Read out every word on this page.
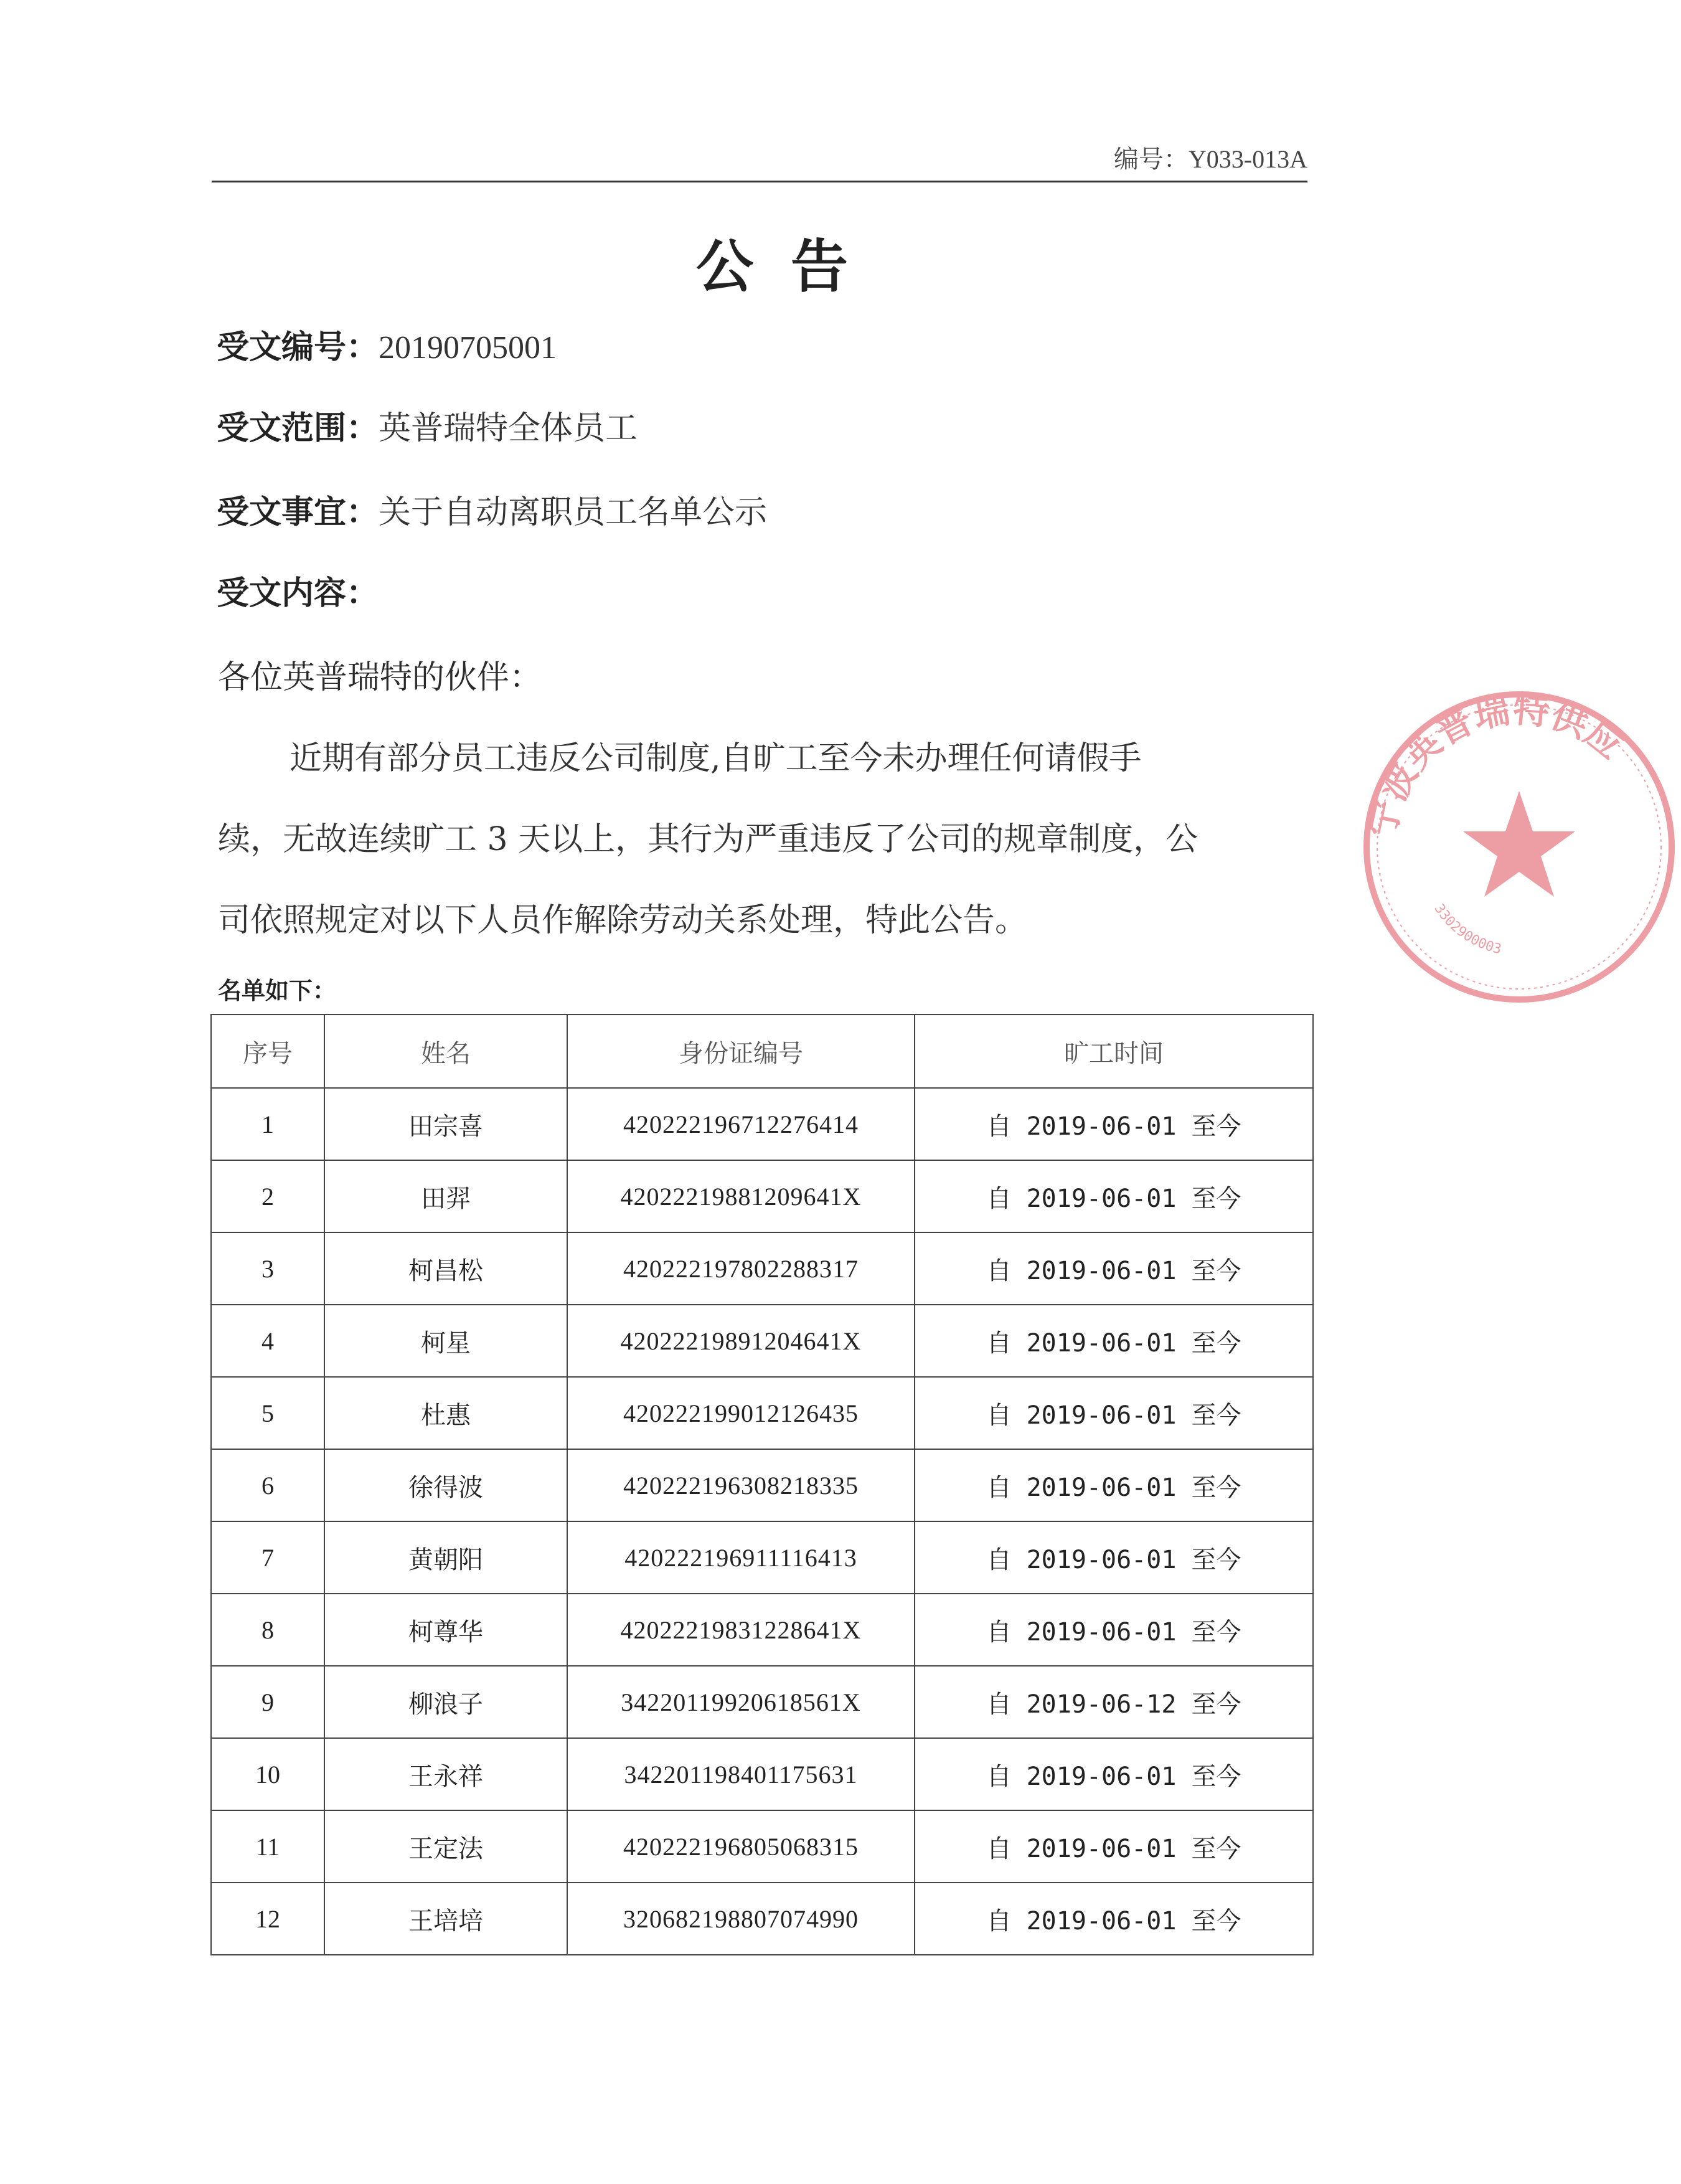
编号：Y033-013A
公告
受文编号：20190705001
受文范围：英普瑞特全体员工
受文事宜：关于自动离职员工名单公示
受文内容：
各位英普瑞特的伙伴：
近期有部分员工违反公司制度,自旷工至今未办理任何请假手
续，无故连续旷工 3 天以上，其行为严重违反了公司的规章制度，公
司依照规定对以下人员作解除劳动关系处理，特此公告。
名单如下：
序号	姓名	身份证编号	旷工时间
1	田宗喜	420222196712276414	自 2019-06-01 至今
2	田羿	42022219881209641X	自 2019-06-01 至今
3	柯昌松	420222197802288317	自 2019-06-01 至今
4	柯星	42022219891204641X	自 2019-06-01 至今
5	杜惠	420222199012126435	自 2019-06-01 至今
6	徐得波	420222196308218335	自 2019-06-01 至今
7	黄朝阳	420222196911116413	自 2019-06-01 至今
8	柯尊华	42022219831228641X	自 2019-06-01 至今
9	柳浪子	34220119920618561X	自 2019-06-12 至今
10	王永祥	342201198401175631	自 2019-06-01 至今
11	王定法	420222196805068315	自 2019-06-01 至今
12	王培培	320682198807074990	自 2019-06-01 至今
宁波英普瑞特供应
3302900003
